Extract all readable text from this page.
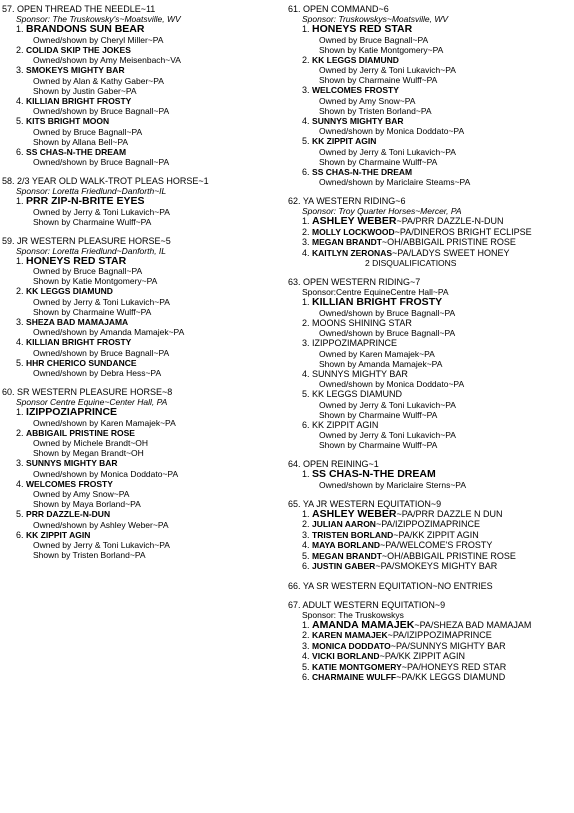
57. OPEN THREAD THE NEEDLE~11
Sponsor: The Truskowsky's~Moatsville, WV
1. BRANDONS SUN BEAR
Owned/shown by Cheryl Miller~PA
2. COLIDA SKIP THE JOKES
Owned/shown by Amy Meisenbach~VA
3. SMOKEYS MIGHTY BAR
Owned by Alan & Kathy Gaber~PA
Shown by Justin Gaber~PA
4. KILLIAN BRIGHT FROSTY
Owned/shown by Bruce Bagnall~PA
5. KITS BRIGHT MOON
Owned by Bruce Bagnall~PA
Shown by Allana Bell~PA
6. SS CHAS-N-THE DREAM
Owned/shown by Bruce Bagnall~PA
58. 2/3 YEAR OLD WALK-TROT PLEAS HORSE~1
Sponsor: Loretta Friedlund~Danforth~IL
1. PRR ZIP-N-BRITE EYES
Owned by Jerry & Toni Lukavich~PA
Shown by Charmaine Wulff~PA
59. JR WESTERN PLEASURE HORSE~5
Sponsor: Loretta Friedlund~Danforth, IL
1. HONEYS RED STAR
Owned by Bruce Bagnall~PA
Shown by Katie Montgomery~PA
2. KK LEGGS DIAMUND
Owned by Jerry & Toni Lukavich~PA
Shown by Charmaine Wulff~PA
3. SHEZA BAD MAMAJAMA
Owned/shown by Amanda Mamajek~PA
4. KILLIAN BRIGHT FROSTY
Owned/shown by Bruce Bagnall~PA
5. HHR CHERICO SUNDANCE
Owned/shown by Debra Hess~PA
60. SR WESTERN PLEASURE HORSE~8
Sponsor Centre Equine~Center Hall, PA
1. IZIPPOZIAPRINCE
Owned/shown by Karen Mamajek~PA
2. ABBIGAIL PRISTINE ROSE
Owned by Michele Brandt~OH
Shown by Megan Brandt~OH
3. SUNNYS MIGHTY BAR
Owned/shown by Monica Doddato~PA
4. WELCOMES FROSTY
Owned by Amy Snow~PA
Shown by Maya Borland~PA
5. PRR DAZZLE-N-DUN
Owned/shown by Ashley Weber~PA
6. KK ZIPPIT AGIN
Owned by Jerry & Toni Lukavich~PA
Shown by Tristen Borland~PA
61. OPEN COMMAND~6
Sponsor: Truskowskys~Moatsville, WV
1. HONEYS RED STAR
Owned by Bruce Bagnall~PA
Shown by Katie Montgomery~PA
2. KK LEGGS DIAMUND
Owned by Jerry & Toni Lukavich~PA
Shown by Charmaine Wulff~PA
3. WELCOMES FROSTY
Owned by Amy Snow~PA
Shown by Tristen Borland~PA
4. SUNNYS MIGHTY BAR
Owned/shown by Monica Doddato~PA
5. KK ZIPPIT AGIN
Owned by Jerry & Toni Lukavich~PA
Shown by Charmaine Wulff~PA
6. SS CHAS-N-THE DREAM
Owned/shown by Mariclaire Steams~PA
62. YA WESTERN RIDING~6
Sponsor: Troy Quarter Horses~Mercer, PA
1. ASHLEY WEBER~PA/PRR DAZZLE-N-DUN
2. MOLLY LOCKWOOD~PA/DINEROS BRIGHT ECLIPSE
3. MEGAN BRANDT~OH/ABBIGAIL PRISTINE ROSE
4. KAITLYN ZERONAS~PA/LADYS SWEET HONEY
2 DISQUALIFICATIONS
63. OPEN WESTERN RIDING~7
Sponsor:Centre EquineCentre Hall~PA
1. KILLIAN BRIGHT FROSTY
Owned/shown by Bruce Bagnall~PA
2. MOONS SHINING STAR
Owned/shown by Bruce Bagnall~PA
3. IZIPPOZIMAPRINCE
Owned by Karen Mamajek~PA
Shown by Amanda Mamajek~PA
4. SUNNYS MIGHTY BAR
Owned/shown by Monica Doddato~PA
5. KK LEGGS DIAMUND
Owned by Jerry & Toni Lukavich~PA
Shown by Charmaine Wulff~PA
6. KK ZIPPIT AGIN
Owned by Jerry & Toni Lukavich~PA
Shown by Charmaine Wulff~PA
64. OPEN REINING~1
1. SS CHAS-N-THE DREAM
Owned/shown by Mariclaire Sterns~PA
65. YA JR WESTERN EQUITATION~9
1. ASHLEY WEBER~PA/PRR DAZZLE N DUN
2. JULIAN AARON~PA/IZIPPOZIMAPRINCE
3. TRISTEN BORLAND~PA/KK ZIPPIT AGIN
4. MAYA BORLAND~PA/WELCOME'S FROSTY
5. MEGAN BRANDT~OH/ABBIGAIL PRISTINE ROSE
6. JUSTIN GABER~PA/SMOKEYS MIGHTY BAR
66. YA SR WESTERN EQUITATION~NO ENTRIES
67. ADULT WESTERN EQUITATION~9
Sponsor: The Truskowskys
1. AMANDA MAMAJEK~PA/SHEZA BAD MAMAJAM
2. KAREN MAMAJEK~PA/IZIPPOZIMAPRINCE
3. MONICA DODDATO~PA/SUNNYS MIGHTY BAR
4. VICKI BORLAND~PA/KK ZIPPIT AGIN
5. KATIE MONTGOMERY~PA/HONEYS RED STAR
6. CHARMAINE WULFF~PA/KK LEGGS DIAMUND
